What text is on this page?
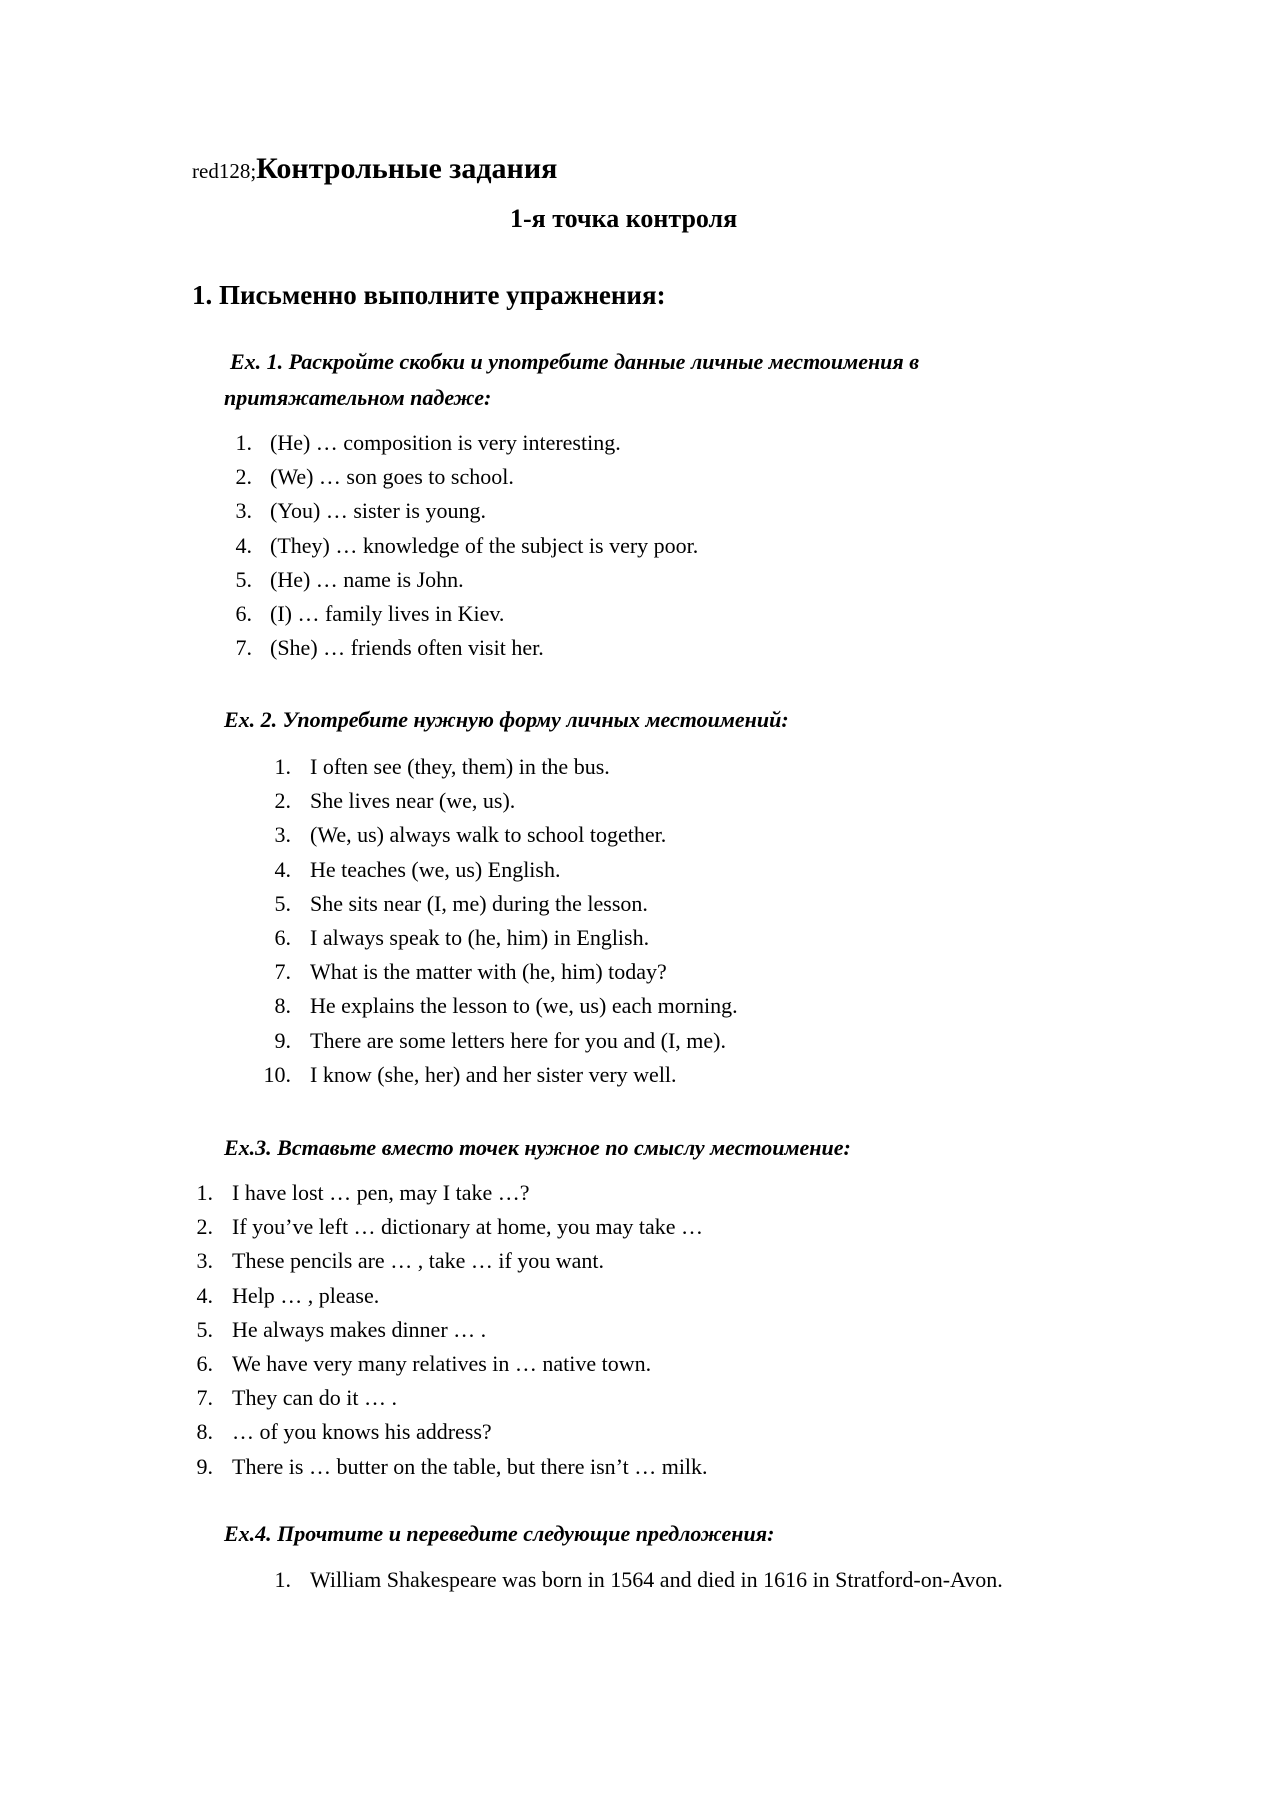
red128;Контрольные задания
1-я точка контроля
1. Письменно выполните упражнения:
Ex. 1. Раскройте скобки и употребите данные личные местоимения в
притяжательном падеже:
1. (He) … composition is very interesting.
2. (We) … son goes to school.
3. (You) … sister is young.
4. (They) … knowledge of the subject is very poor.
5. (He) … name is John.
6. (I) … family lives in Kiev.
7. (She) … friends often visit her.
Ex. 2. Употребите нужную форму личных местоимений:
1. I often see (they, them) in the bus.
2. She lives near (we, us).
3. (We, us) always walk to school together.
4. He teaches (we, us) English.
5. She sits near (I, me) during the lesson.
6. I always speak to (he, him) in English.
7. What is the matter with (he, him) today?
8. He explains the lesson to (we, us) each morning.
9. There are some letters here for you and (I, me).
10. I know (she, her) and her sister very well.
Ex.3. Вставьте вместо точек нужное по смыслу местоимение:
1. I have lost … pen, may I take …?
2. If you’ve left … dictionary at home, you may take …
3. These pencils are … , take … if you want.
4. Help … , please.
5. He always makes dinner … .
6. We have very many relatives in … native town.
7. They can do it … .
8. … of you knows his address?
9. There is … butter on the table, but there isn’t … milk.
Ex.4. Прочтите и переведите следующие предложения:
1. William Shakespeare was born in 1564 and died in 1616 in Stratford-on-Avon.
